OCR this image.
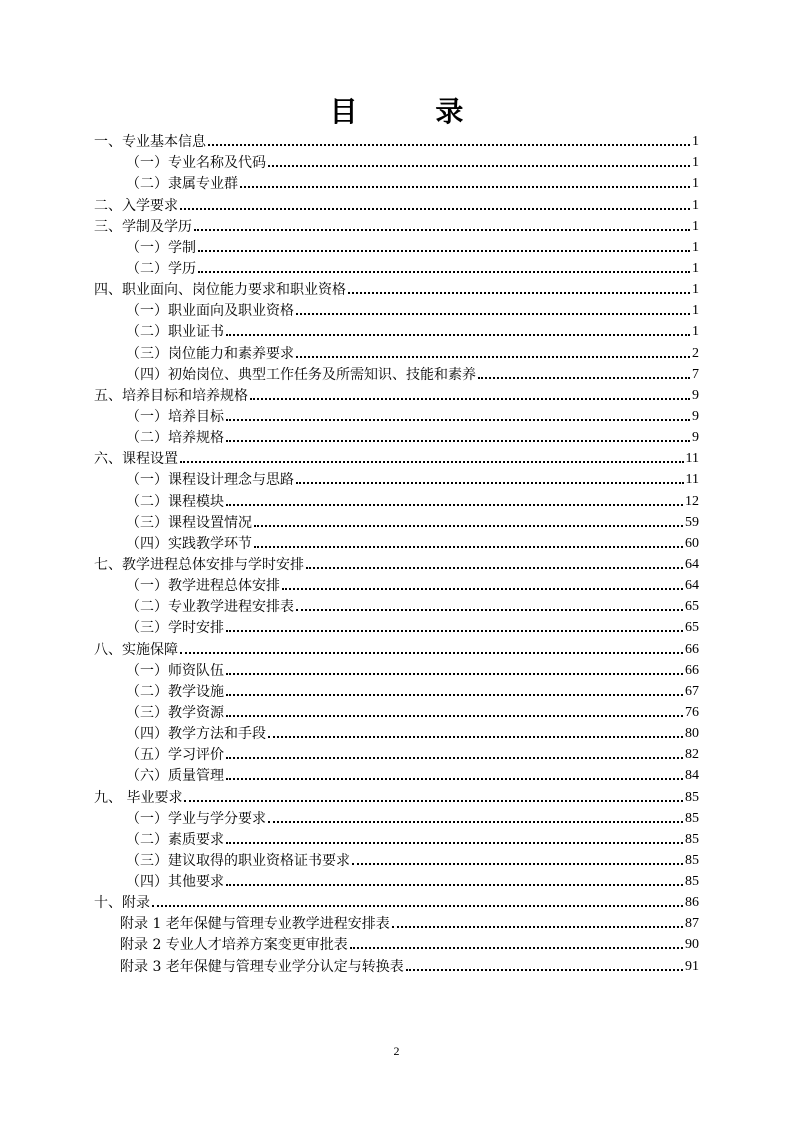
目 录
一、专业基本信息	1
（一）专业名称及代码	1
（二）隶属专业群	1
二、入学要求	1
三、学制及学历	1
（一）学制	1
（二）学历	1
四、职业面向、岗位能力要求和职业资格	1
（一）职业面向及职业资格	1
（二）职业证书	1
（三）岗位能力和素养要求	2
（四）初始岗位、典型工作任务及所需知识、技能和素养	7
五、培养目标和培养规格	9
（一）培养目标	9
（二）培养规格	9
六、课程设置	11
（一）课程设计理念与思路	11
（二）课程模块	12
（三）课程设置情况	59
（四）实践教学环节	60
七、教学进程总体安排与学时安排	64
（一）教学进程总体安排	64
（二）专业教学进程安排表	65
（三）学时安排	65
八、实施保障	66
（一）师资队伍	66
（二）教学设施	67
（三）教学资源	76
（四）教学方法和手段	80
（五）学习评价	82
（六）质量管理	84
九、 毕业要求	85
（一）学业与学分要求	85
（二）素质要求	85
（三）建议取得的职业资格证书要求	85
（四）其他要求	85
十、附录	86
附录 1 老年保健与管理专业教学进程安排表	87
附录 2 专业人才培养方案变更审批表	90
附录 3 老年保健与管理专业学分认定与转换表	91
2
